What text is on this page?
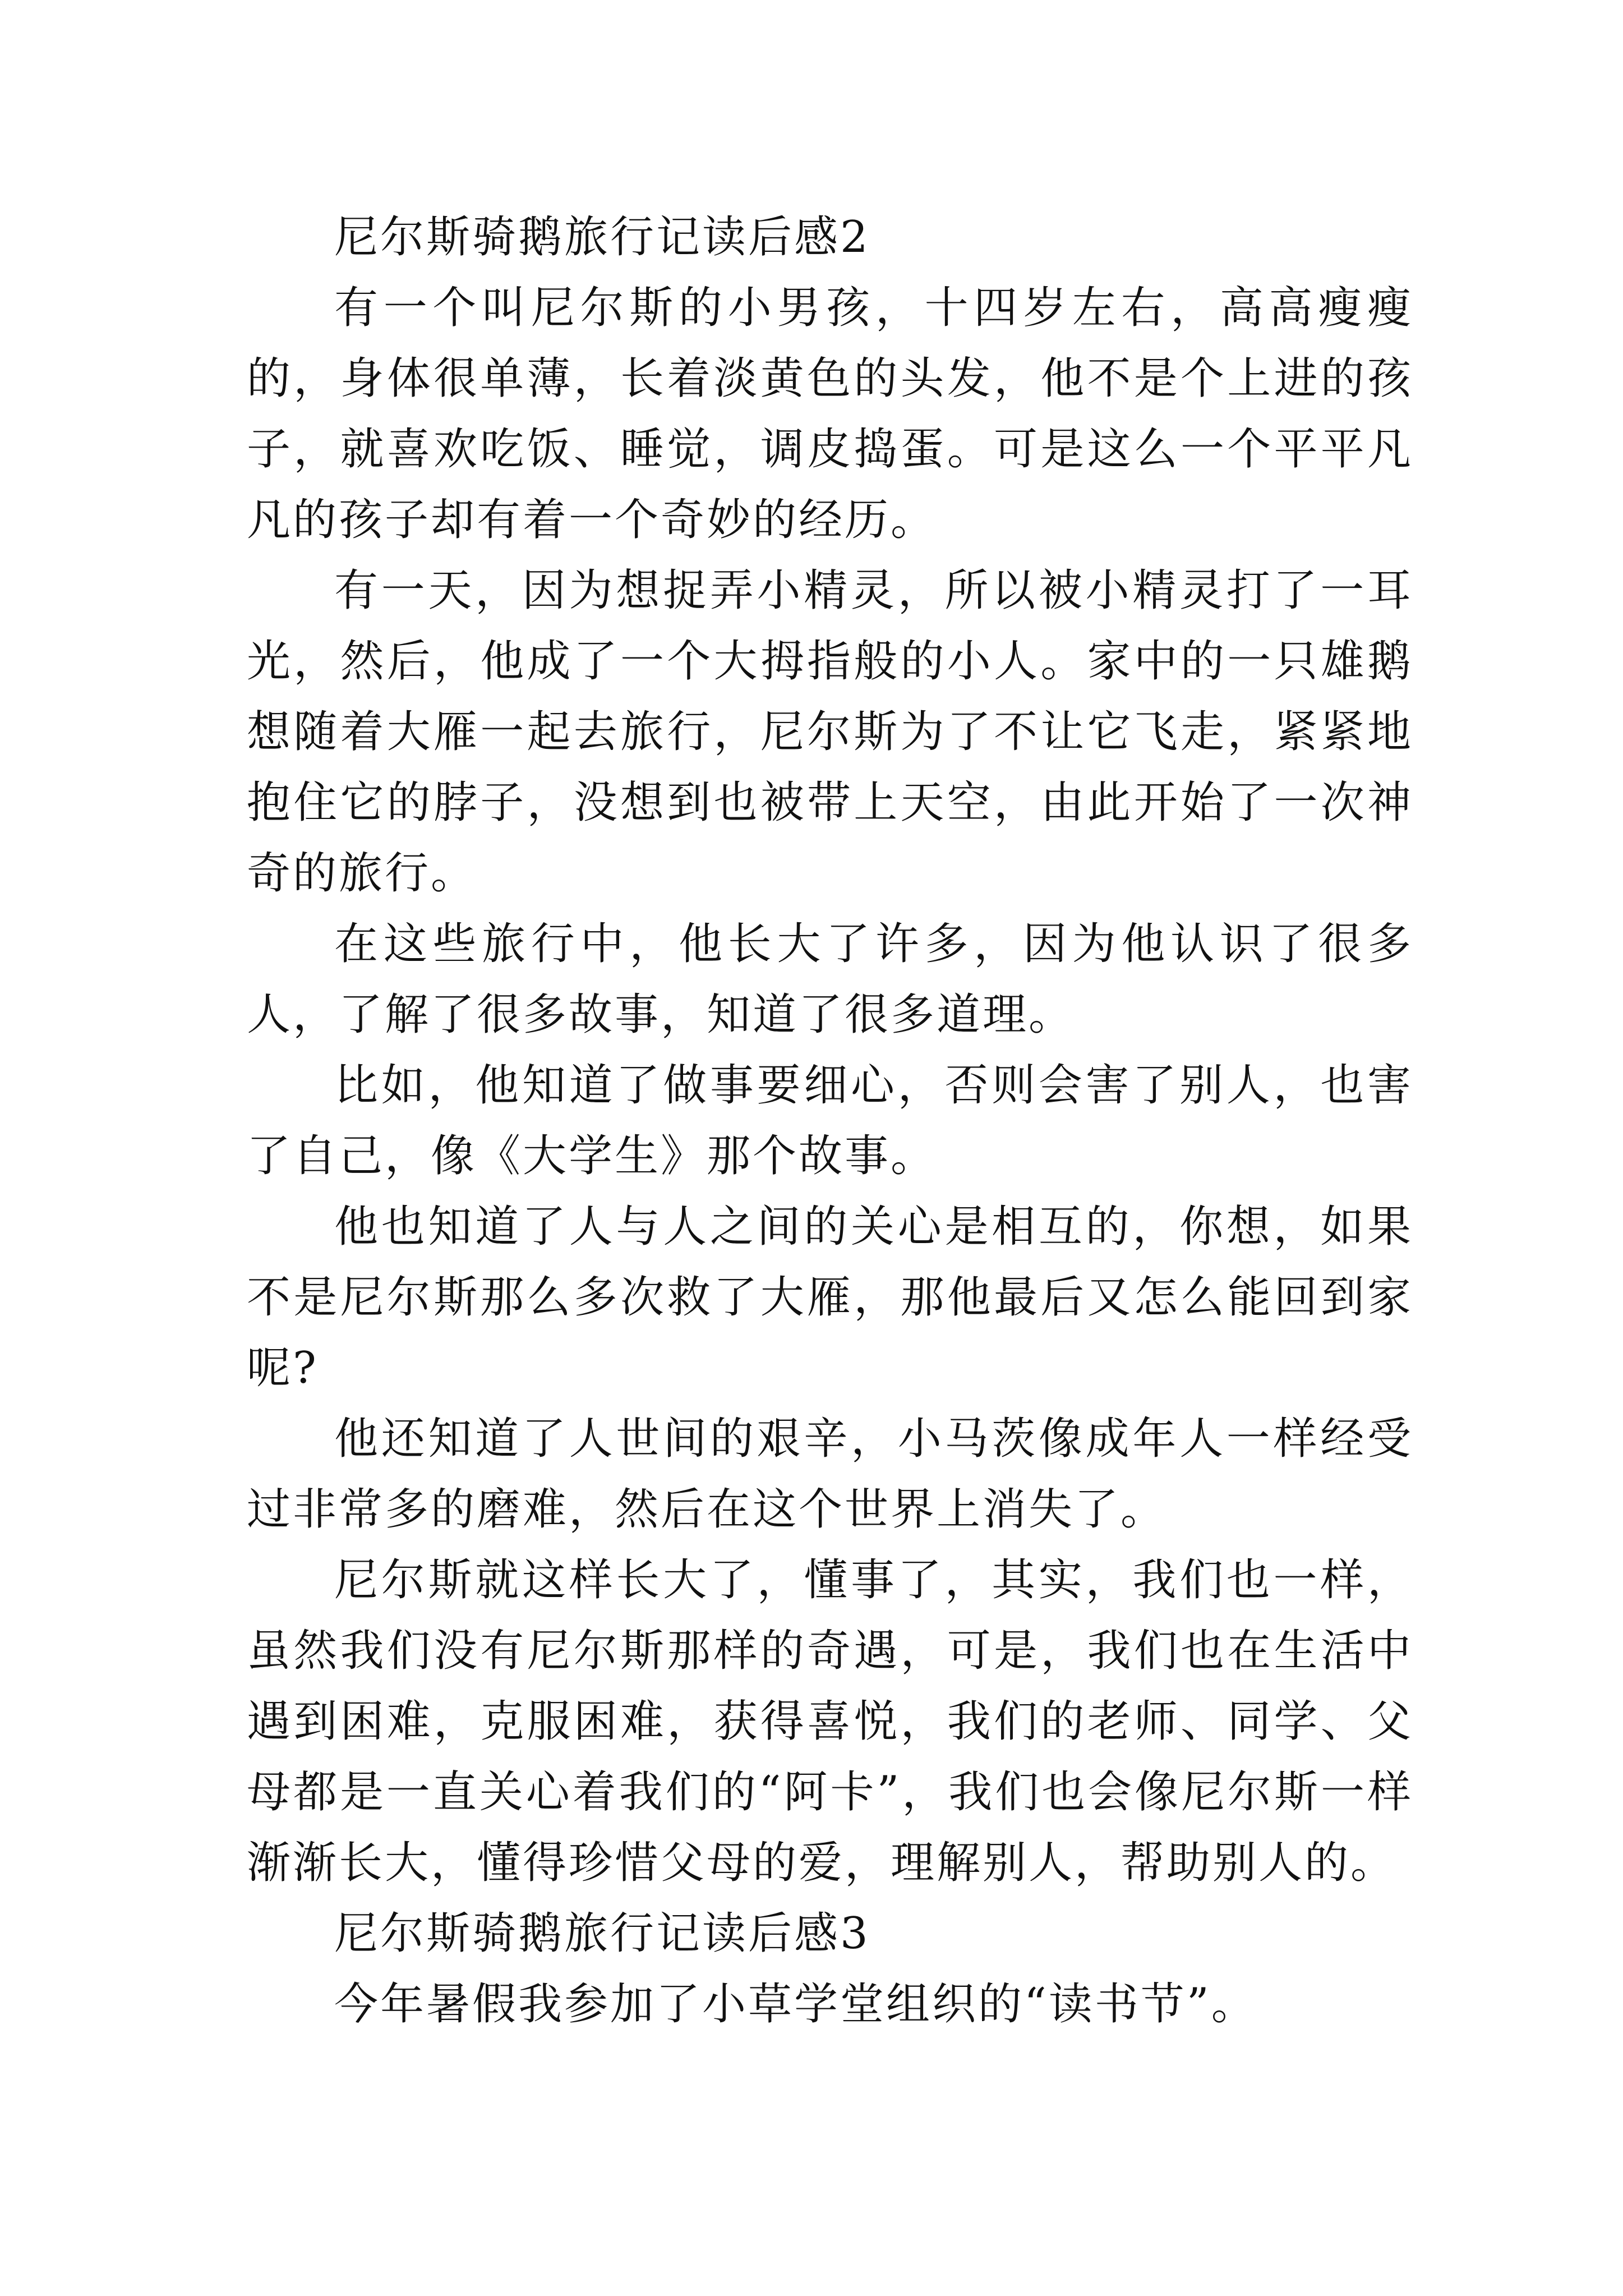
尼尔斯骑鹅旅行记读后感2

有一个叫尼尔斯的小男孩，十四岁左右，高高瘦瘦的，身体很单薄，长着淡黄色的头发，他不是个上进的孩子，就喜欢吃饭、睡觉，调皮捣蛋。可是这么一个平平凡凡的孩子却有着一个奇妙的经历。

有一天，因为想捉弄小精灵，所以被小精灵打了一耳光，然后，他成了一个大拇指般的小人。家中的一只雄鹅想随着大雁一起去旅行，尼尔斯为了不让它飞走，紧紧地抱住它的脖子，没想到也被带上天空，由此开始了一次神奇的旅行。

在这些旅行中，他长大了许多，因为他认识了很多人，了解了很多故事，知道了很多道理。

比如，他知道了做事要细心，否则会害了别人，也害了自己，像《大学生》那个故事。

他也知道了人与人之间的关心是相互的，你想，如果不是尼尔斯那么多次救了大雁，那他最后又怎么能回到家呢?

他还知道了人世间的艰辛，小马茨像成年人一样经受过非常多的磨难，然后在这个世界上消失了。

尼尔斯就这样长大了，懂事了，其实，我们也一样，虽然我们没有尼尔斯那样的奇遇，可是，我们也在生活中遇到困难，克服困难，获得喜悦，我们的老师、同学、父母都是一直关心着我们的“阿卡”，我们也会像尼尔斯一样渐渐长大，懂得珍惜父母的爱，理解别人，帮助别人的。

尼尔斯骑鹅旅行记读后感3

今年暑假我参加了小草学堂组织的“读书节”。
